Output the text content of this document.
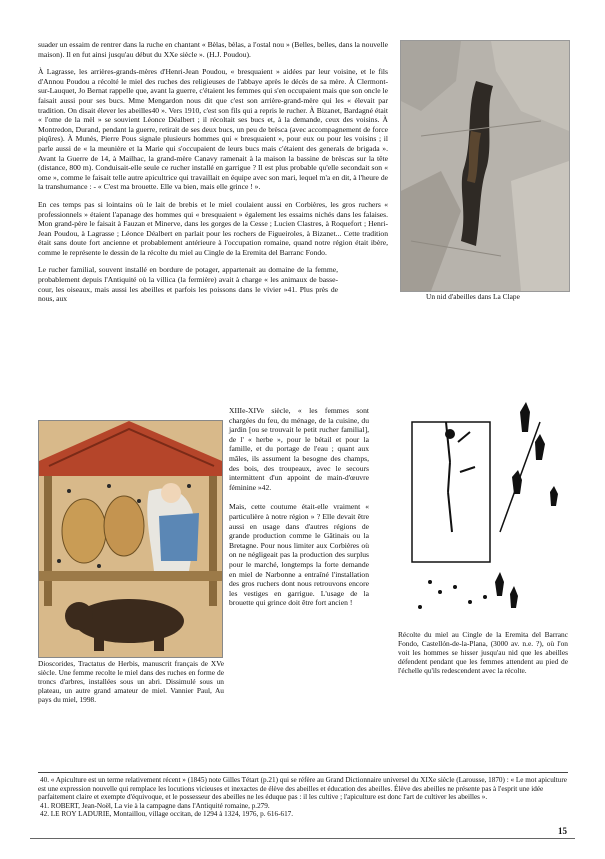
suader un essaim de rentrer dans la ruche en chantant « Bèlas, bèlas, a l'ostal nou » (Belles, belles, dans la nouvelle maison). Il en fut ainsi jusqu'au début du XXe siècle ». (H.J. Poudou).

À Lagrasse, les arrières-grands-mères d'Henri-Jean Poudou, « bresquaient » aidées par leur voisine, et le fils d'Annou Poudou a récolté le miel des ruches des religieuses de l'abbaye après le décès de sa mère. À Clermont-sur-Lauquet, Jo Bernat rappelle que, avant la guerre, c'étaient les femmes qui s'en occupaient mais que son oncle le faisait aussi pour ses bucs. Mme Mengardon nous dit que c'est son arrière-grand-mère qui les « élevait par tradition. On disait élever les abeilles40 ». Vers 1910, c'est son fils qui a repris le rucher. À Bizanet, Bardagné était « l'ome de la mèl » se souvient Léonce Déalbert ; il récoltait ses bucs et, à la demande, ceux des voisins. À Montredon, Durand, pendant la guerre, retirait de ses deux bucs, un peu de brèsca (avec accompagnement de force piqûres). À Munès, Pierre Pous signale plusieurs hommes qui « bresquaient », pour eux ou pour les voisins ; il parle aussi de « la meunière et la Marie qui s'occupaient de leurs bucs mais c'étaient des generals de brigada ». Avant la Guerre de 14, à Mailhac, la grand-mère Canavy ramenait à la maison la bassine de brèscas sur la tête (distance, 800 m). Conduisait-elle seule ce rucher installé en garrigue ? Il est plus probable qu'elle secondait son « ome », comme le faisait telle autre apicultrice qui travaillait en équipe avec son mari, lequel m'a en dit, à l'heure de la transhumance : - « C'est ma brouette. Elle va bien, mais elle grince ! ».

En ces temps pas si lointains où le lait de brebis et le miel coulaient aussi en Corbières, les gros ruchers « professionnels » étaient l'apanage des hommes qui « bresquaient » également les essaims nichés dans les falaises. Mon grand-père le faisait à Fauzan et Minerve, dans les gorges de la Cesse ; Lucien Clastres, à Roquefort ; Henri-Jean Poudou, à Lagrasse ; Léonce Déalbert en parlait pour les rochers de Figueiroles, à Bizanet... Cette tradition était sans doute fort ancienne et probablement antérieure à l'occupation romaine, quand notre région était ibère, comme le représente le dessin de la récolte du miel au Cingle de la Eremita del Barranc Fondo.

Le rucher familial, souvent installé en bordure de potager, appartenait au domaine de la femme, probablement depuis l'Antiquité où la villica (la fermière) avait à charge « les animaux de basse-cour, les oiseaux, mais aussi les abeilles et parfois les poissons dans le vivier »41. Plus près de nous, aux	Un nid d'abeilles dans La Clape
Dioscorides, Tractatus de Herbis, manuscrit français de XVe siècle. Une femme recolte le miel dans des ruches en forme de troncs d'arbres, installées sous un abri. Dissimulé sous un plateau, un autre grand amateur de miel. Vannier Paul, Au pays du miel, 1998.

XIIIe-XIVe siècle, « les femmes sont chargées du feu, du ménage, de la cuisine, du jardin [ou se trouvait le petit rucher familial], de l' « herbe », pour le bétail et pour la famille, et du portage de l'eau ; quant aux mâles, ils assument la besogne des champs, des bois, des troupeaux, avec le secours intermittent d'un appoint de main-d'œuvre féminine »42.

Mais, cette coutume était-elle vraiment « particulière à notre région » ? Elle devait être aussi en usage dans d'autres régions de grande production comme le Gâtinais ou la Bretagne. Pour nous limiter aux Corbières où on ne négligeait pas la production des surplus pour le marché, longtemps la forte demande en miel de Narbonne a entraîné l'installation des gros ruchers dont nous retrouvons encore les vestiges en garrigue. L'usage de la brouette qui grince doit être fort ancien !

Récolte du miel au Cingle de la Eremita del Barranc Fondo, Castellón-de-la-Plana, (3000 av. n.e. ?), où l'on voit les hommes se hisser jusqu'au nid que les abeilles défendent pendant que les femmes attendent au pied de l'échelle qu'ils redescendent avec la récolte.
40. « Apiculture est un terme relativement récent » (1845) note Gilles Tétart (p.21) qui se réfère au Grand Dictionnaire universel du XIXe siècle (Larousse, 1870) : « Le mot apiculture est une expression nouvelle qui remplace les locutions vicieuses et inexactes de élève des abeilles et éducation des abeilles. Élève des abeilles ne présente pas à l'esprit une idée parfaitement claire et exempte d'équivoque, et le possesseur des abeilles ne les éduque pas : il les cultive ; l'apiculture est donc l'art de cultiver les abeilles ».
41. ROBERT, Jean-Noël, La vie à la campagne dans l'Antiquité romaine, p.279.
42. LE ROY LADURIE, Montaillou, village occitan, de 1294 à 1324, 1976, p. 616-617.
15
